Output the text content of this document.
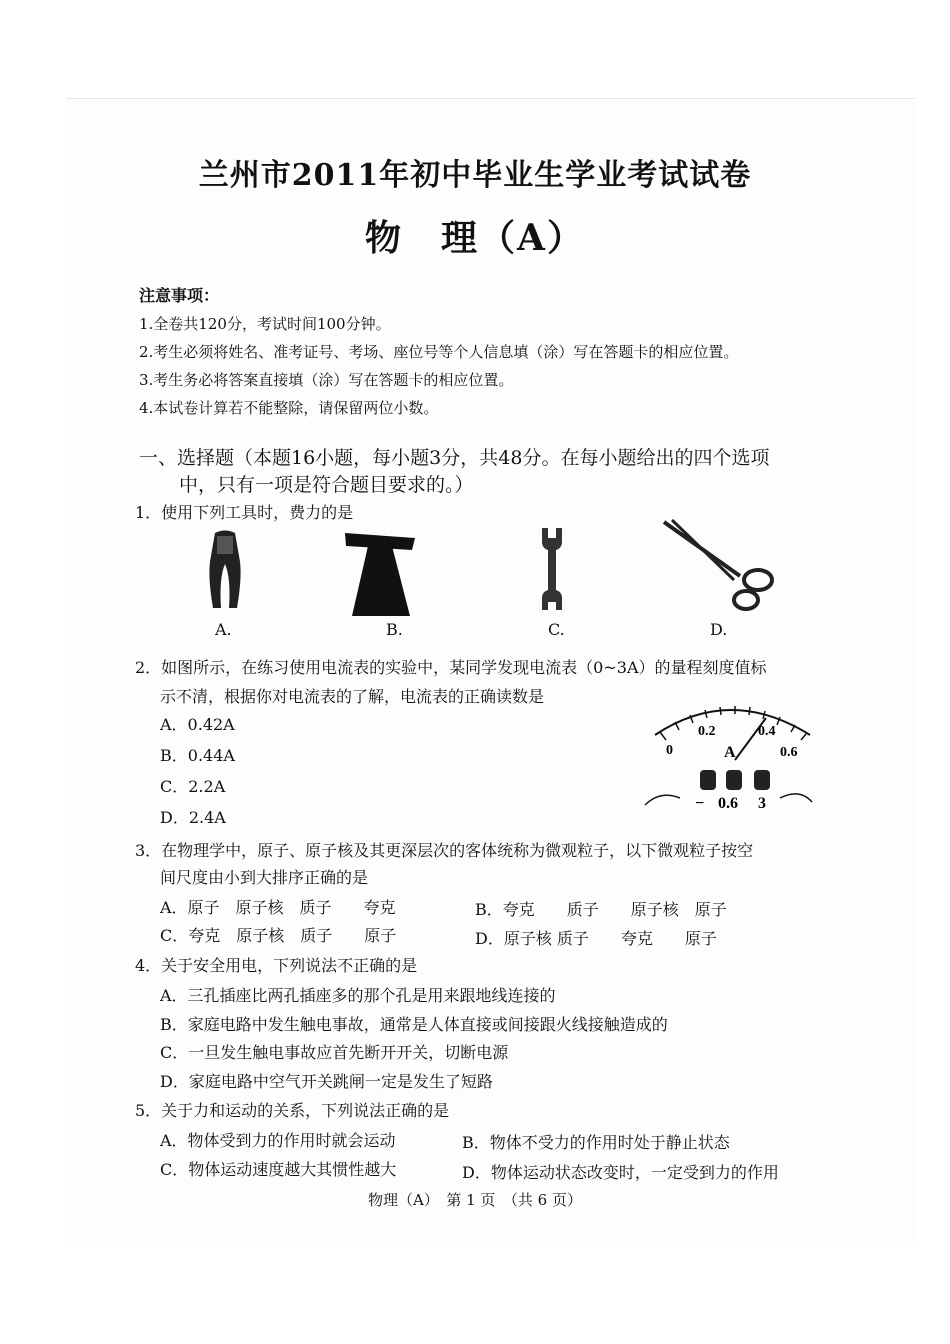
兰州市2011年初中毕业生学业考试试卷
物　理（A）
注意事项：
1.全卷共120分，考试时间100分钟。
2.考生必须将姓名、准考证号、考场、座位号等个人信息填（涂）写在答题卡的相应位置。
3.考生务必将答案直接填（涂）写在答题卡的相应位置。
4.本试卷计算若不能整除，请保留两位小数。
一、选择题（本题16小题，每小题3分，共48分。在每小题给出的四个选项
中，只有一项是符合题目要求的。）
1．使用下列工具时，费力的是
A.	B.	C.	D.
2．如图所示，在练习使用电流表的实验中，某同学发现电流表（0~3A）的量程刻度值标
示不清，根据你对电流表的了解，电流表的正确读数是
A．0.42A
B．0.44A
C．2.2A
D．2.4A
0
0.2	0.4
0.6
A
− 0.6 3
3．在物理学中，原子、原子核及其更深层次的客体统称为微观粒子，以下微观粒子按空
间尺度由小到大排序正确的是
A．原子　原子核　质子　　夸克	B．夸克　　质子　　原子核　原子
C．夸克　原子核　质子　　原子	D．原子核 质子　　夸克　　原子
4．关于安全用电，下列说法不正确的是
A．三孔插座比两孔插座多的那个孔是用来跟地线连接的
B．家庭电路中发生触电事故，通常是人体直接或间接跟火线接触造成的
C．一旦发生触电事故应首先断开开关，切断电源
D．家庭电路中空气开关跳闸一定是发生了短路
5．关于力和运动的关系，下列说法正确的是
A．物体受到力的作用时就会运动	B．物体不受力的作用时处于静止状态
C．物体运动速度越大其惯性越大	D．物体运动状态改变时，一定受到力的作用
物理（A）　第 1 页　（共 6 页）
